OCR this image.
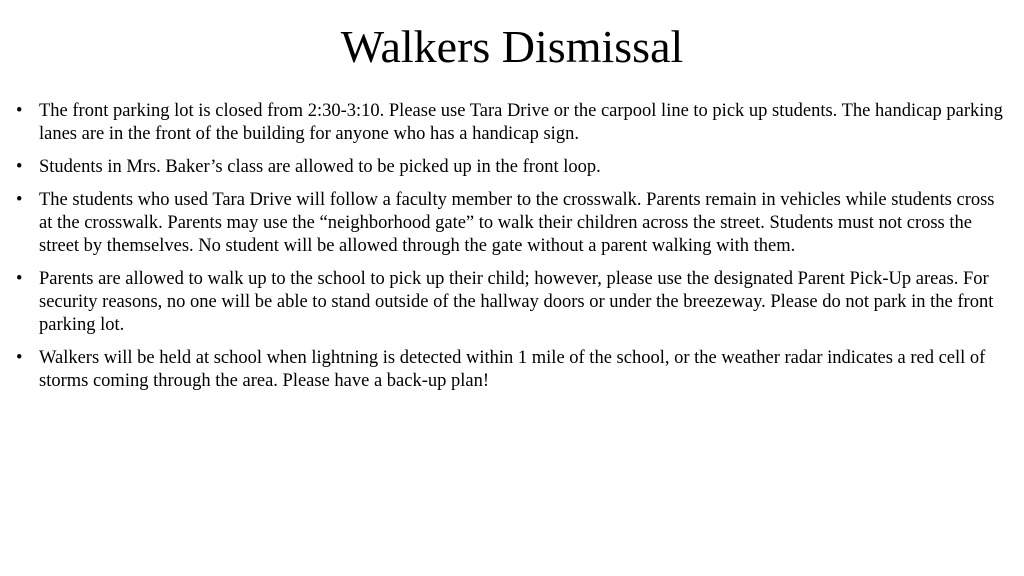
Walkers Dismissal
• The front parking lot is closed from 2:30-3:10. Please use Tara Drive or the carpool line to pick up students. The handicap parking lanes are in the front of the building for anyone who has a handicap sign.
• Students in Mrs. Baker’s class are allowed to be picked up in the front loop.
• The students who used Tara Drive will follow a faculty member to the crosswalk. Parents remain in vehicles while students cross at the crosswalk. Parents may use the “neighborhood gate” to walk their children across the street. Students must not cross the street by themselves. No student will be allowed through the gate without a parent walking with them.
• Parents are allowed to walk up to the school to pick up their child; however, please use the designated Parent Pick-Up areas. For security reasons, no one will be able to stand outside of the hallway doors or under the breezeway. Please do not park in the front parking lot.
• Walkers will be held at school when lightning is detected within 1 mile of the school, or the weather radar indicates a red cell of storms coming through the area. Please have a back-up plan!
